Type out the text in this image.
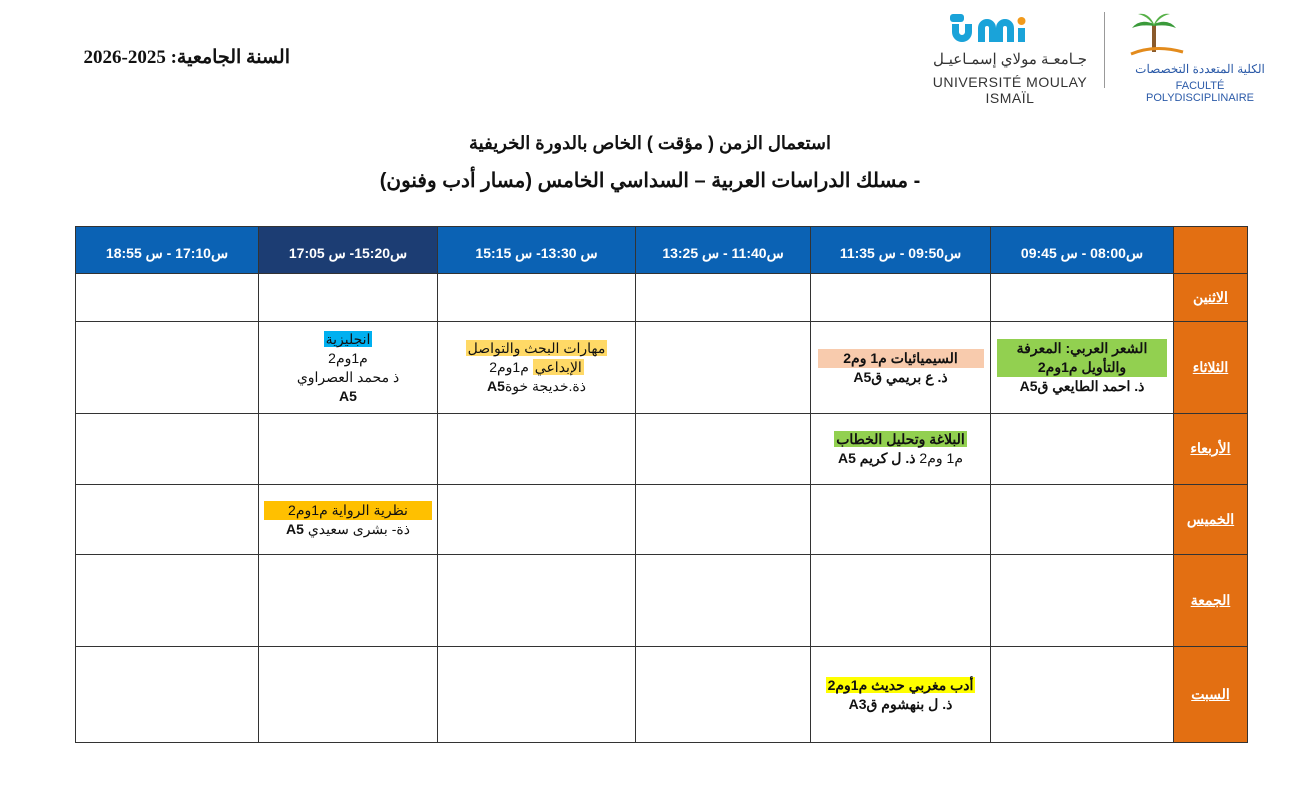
السنة الجامعية: 2025-2026	جـامعـة مولاي إسمـاعيـل
UNIVERSITÉ MOULAY ISMAÏL
الكلية المتعددة التخصصات
FACULTÉ POLYDISCIPLINAIRE
استعمال الزمن ( مؤقت ) الخاص بالدورة الخريفية
- مسلك الدراسات العربية – السداسي الخامس (مسار أدب وفنون)
س17:10 - س 18:55	س15:20- س 17:05	س 13:30- س 15:15	س11:40 - س 13:25	س09:50 - س 11:35	س08:00 - س 09:45	

						الاثنين

	انجليزية
م1وم2
ذ محمد العصراوي
A5	مهارات البحث والتواصل
الإبداعي م1وم2
ذة.خديجة خوةA5		السيميائيات م1 وم2
ذ. ع بريمي قA5	الشعر العربي: المعرفة
والتأويل م1وم2
ذ. احمد الطايعي قA5	الثلاثاء

				البلاغة وتحليل الخطاب
م1 وم2 ذ. ل كريم A5		الأربعاء

	نظرية الرواية م1وم2
ذة- بشرى سعيدي A5					الخميس
						الجمعة

				أدب مغربي حديث م1وم2
ذ. ل بنهشوم قA3		السبت
